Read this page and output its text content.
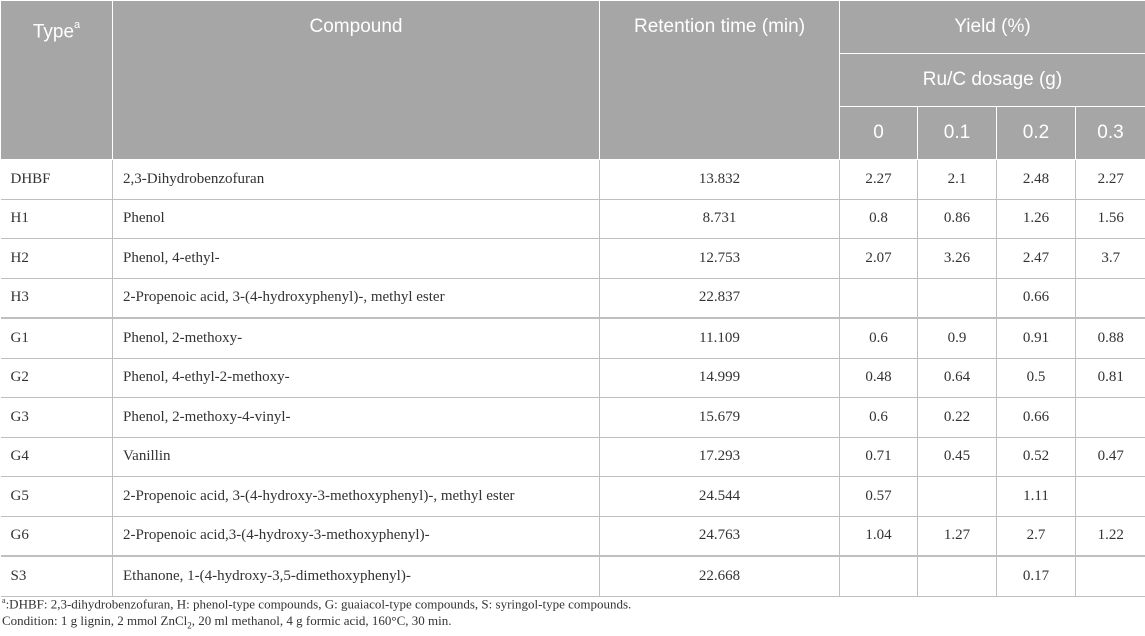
Type$^a$	Compound	Retention time (min)	Yield (%)			
			Ru/C dosage (g)			
			0	0.1	0.2	0.3
DHBF	2,3-Dihydrobenzofuran	13.832	2.27	2.1	2.48	2.27
H1	Phenol	8.731	0.8	0.86	1.26	1.56
H2	Phenol, 4-ethyl-	12.753	2.07	3.26	2.47	3.7
H3	2-Propenoic acid, 3-(4-hydroxyphenyl)-, methyl ester	22.837			0.66	
G1	Phenol, 2-methoxy-	11.109	0.6	0.9	0.91	0.88
G2	Phenol, 4-ethyl-2-methoxy-	14.999	0.48	0.64	0.5	0.81
G3	Phenol, 2-methoxy-4-vinyl-	15.679	0.6	0.22	0.66	
G4	Vanillin	17.293	0.71	0.45	0.52	0.47
G5	2-Propenoic acid, 3-(4-hydroxy-3-methoxyphenyl)-, methyl ester	24.544	0.57		1.11	
G6	2-Propenoic acid,3-(4-hydroxy-3-methoxyphenyl)-	24.763	1.04	1.27	2.7	1.22
S3	Ethanone, 1-(4-hydroxy-3,5-dimethoxyphenyl)-	22.668			0.17	
$^a$:DHBF: 2,3-dihydrobenzofuran, H: phenol-type compounds, G: guaiacol-type compounds, S: syringol-type compounds.
Condition: 1 g lignin, 2 mmol ZnCl$_2$, 20 ml methanol, 4 g formic acid, 160°C, 30 min.
